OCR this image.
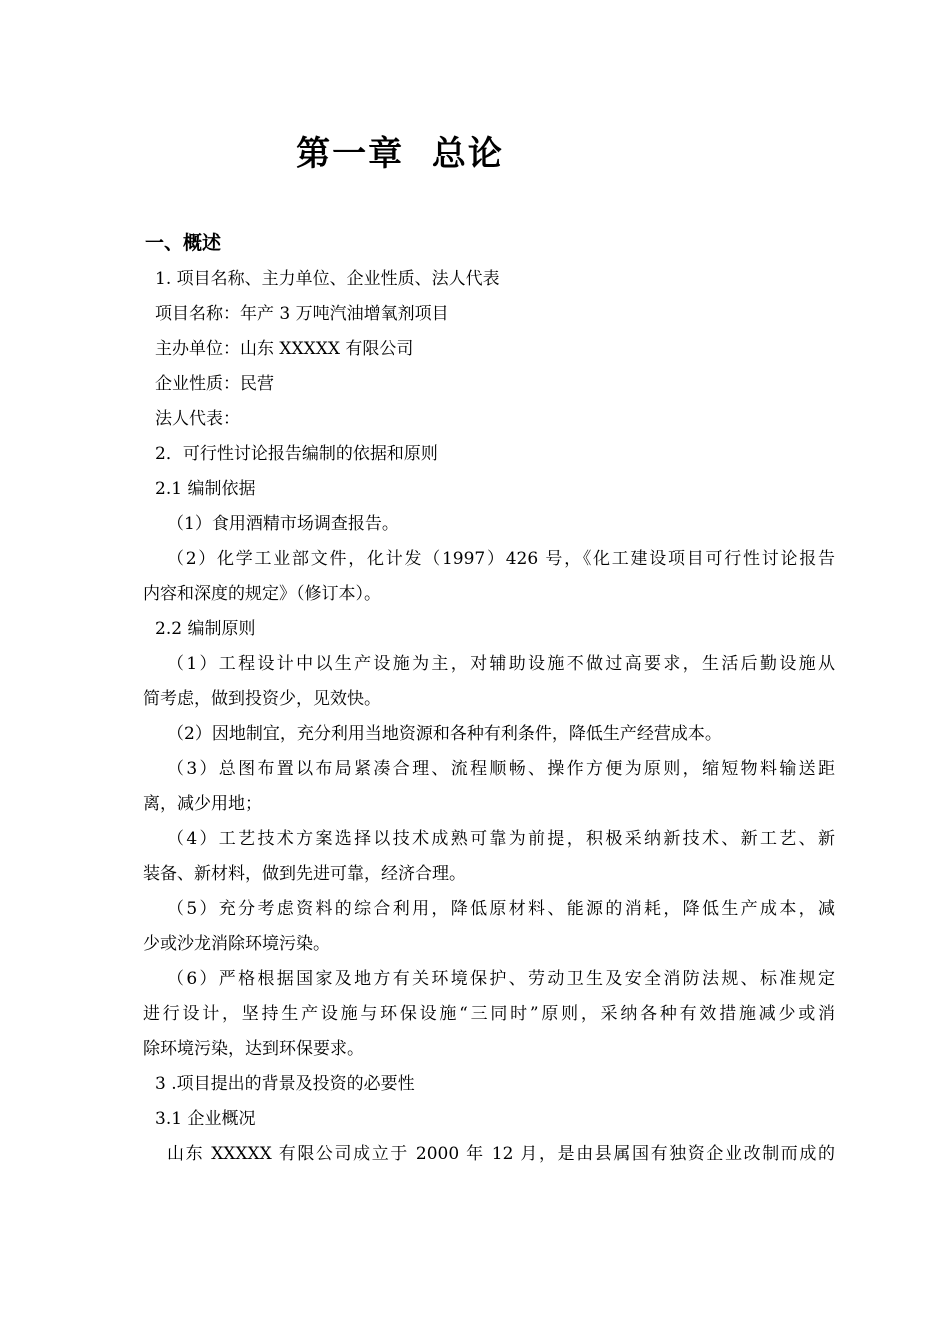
第一章  总论
一、概述
1. 项目名称、主力单位、企业性质、法人代表
项目名称：年产 3 万吨汽油增氧剂项目
主办单位：山东 XXXXX 有限公司
企业性质：民营
法人代表：
2．可行性讨论报告编制的依据和原则
2.1 编制依据
（1）食用酒精市场调查报告。
（2）化学工业部文件，化计发（1997）426 号，《化工建设项目可行性讨论报告
内容和深度的规定》（修订本）。
2.2 编制原则
（1）工程设计中以生产设施为主，对辅助设施不做过高要求，生活后勤设施从
简考虑，做到投资少，见效快。
（2）因地制宜，充分利用当地资源和各种有利条件，降低生产经营成本。
（3）总图布置以布局紧凑合理、流程顺畅、操作方便为原则，缩短物料输送距
离，减少用地；
（4）工艺技术方案选择以技术成熟可靠为前提，积极采纳新技术、新工艺、新
装备、新材料，做到先进可靠，经济合理。
（5）充分考虑资料的综合利用，降低原材料、能源的消耗，降低生产成本，减
少或沙龙消除环境污染。
（6）严格根据国家及地方有关环境保护、劳动卫生及安全消防法规、标准规定
进行设计，坚持生产设施与环保设施“三同时”原则，采纳各种有效措施减少或消
除环境污染，达到环保要求。
3 .项目提出的背景及投资的必要性
3.1 企业概况
山东 XXXXX 有限公司成立于 2000 年 12 月，是由县属国有独资企业改制而成的
